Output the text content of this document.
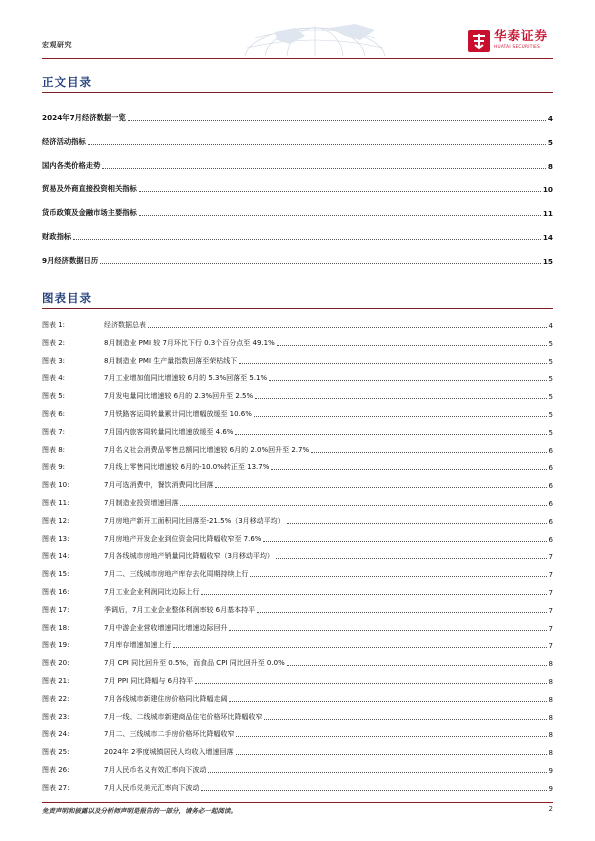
宏观研究
华泰证券
HUATAI SECURITIES
正文目录
2024年7月经济数据一览	4
经济活动指标	5
国内各类价格走势	8
贸易及外商直接投资相关指标	10
货币政策及金融市场主要指标	11
财政指标	14
9月经济数据日历	15
图表目录
图表 1:	经济数据总表	4
图表 2:	8月制造业 PMI 较 7月环比下行 0.3个百分点至 49.1%	5
图表 3:	8月制造业 PMI 生产量指数回落至荣枯线下	5
图表 4:	7月工业增加值同比增速较 6月的 5.3%回落至 5.1%	5
图表 5:	7月发电量同比增速较 6月的 2.3%回升至 2.5%	5
图表 6:	7月铁路客运周转量累计同比增幅放缓至 10.6%	5
图表 7:	7月国内旅客周转量同比增速放缓至 4.6%	5
图表 8:	7月名义社会消费品零售总额同比增速较 6月的 2.0%回升至 2.7%	6
图表 9:	7月线上零售同比增速较 6月的-10.0%转正至 13.7%	6
图表 10:	7月可选消费中，餐饮消费同比回落	6
图表 11:	7月制造业投资增速回落	6
图表 12:	7月房地产新开工面积同比回落至-21.5%（3月移动平均）	6
图表 13:	7月房地产开发企业到位资金同比降幅收窄至 7.6%	6
图表 14:	7月各线城市房地产销量同比降幅收窄（3月移动平均）	7
图表 15:	7月二、三线城市房地产库存去化周期持续上行	7
图表 16:	7月工业企业利润同比边际上行	7
图表 17:	季调后，7月工业企业整体利润率较 6月基本持平	7
图表 18:	7月中游企业营收增速同比增速边际回升	7
图表 19:	7月库存增速加速上行	7
图表 20:	7月 CPI 同比回升至 0.5%，而食品 CPI 同比回升至 0.0%	8
图表 21:	7月 PPI 同比降幅与 6月持平	8
图表 22:	7月各线城市新建住房价格同比降幅走阔	8
图表 23:	7月一线、二线城市新建商品住宅价格环比降幅收窄	8
图表 24:	7月二、三线城市二手房价格环比降幅收窄	8
图表 25:	2024年 2季度城镇居民人均收入增速回落	8
图表 26:	7月人民币名义有效汇率向下波动	9
图表 27:	7月人民币兑美元汇率向下波动	9
免责声明和披露以及分析师声明是报告的一部分，请务必一起阅读。	2
